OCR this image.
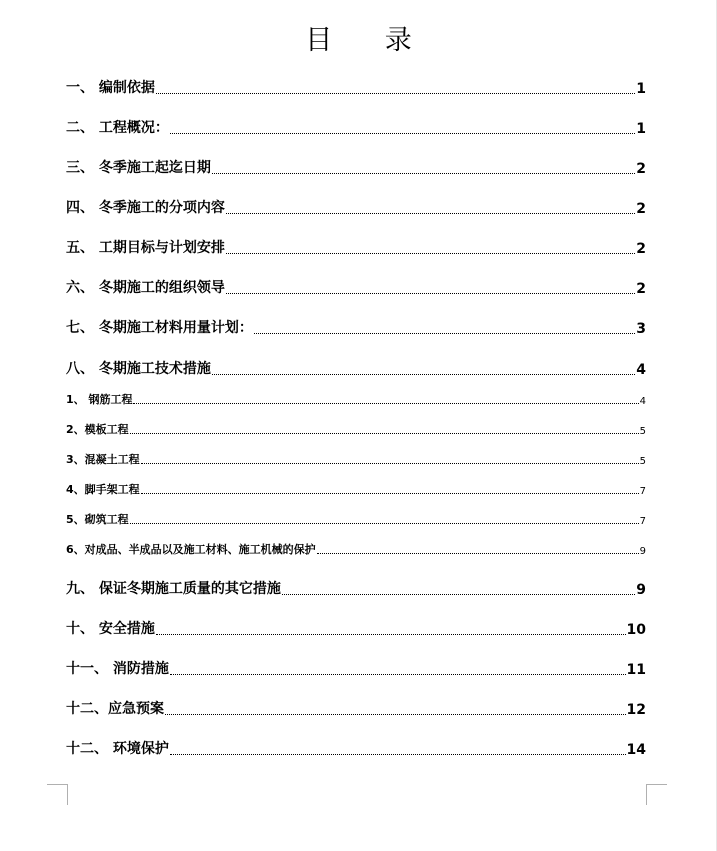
目 录
一、 编制依据	1
二、 工程概况：	1
三、 冬季施工起迄日期	2
四、 冬季施工的分项内容	2
五、 工期目标与计划安排	2
六、 冬期施工的组织领导	2
七、 冬期施工材料用量计划：	3
八、 冬期施工技术措施	4
1、 钢筋工程	4
2、模板工程	5
3、混凝土工程	5
4、脚手架工程	7
5、砌筑工程	7
6、对成品、半成品以及施工材料、施工机械的保护	9
九、 保证冬期施工质量的其它措施	9
十、 安全措施	10
十一、 消防措施	11
十二、应急预案	12
十二、 环境保护	14
